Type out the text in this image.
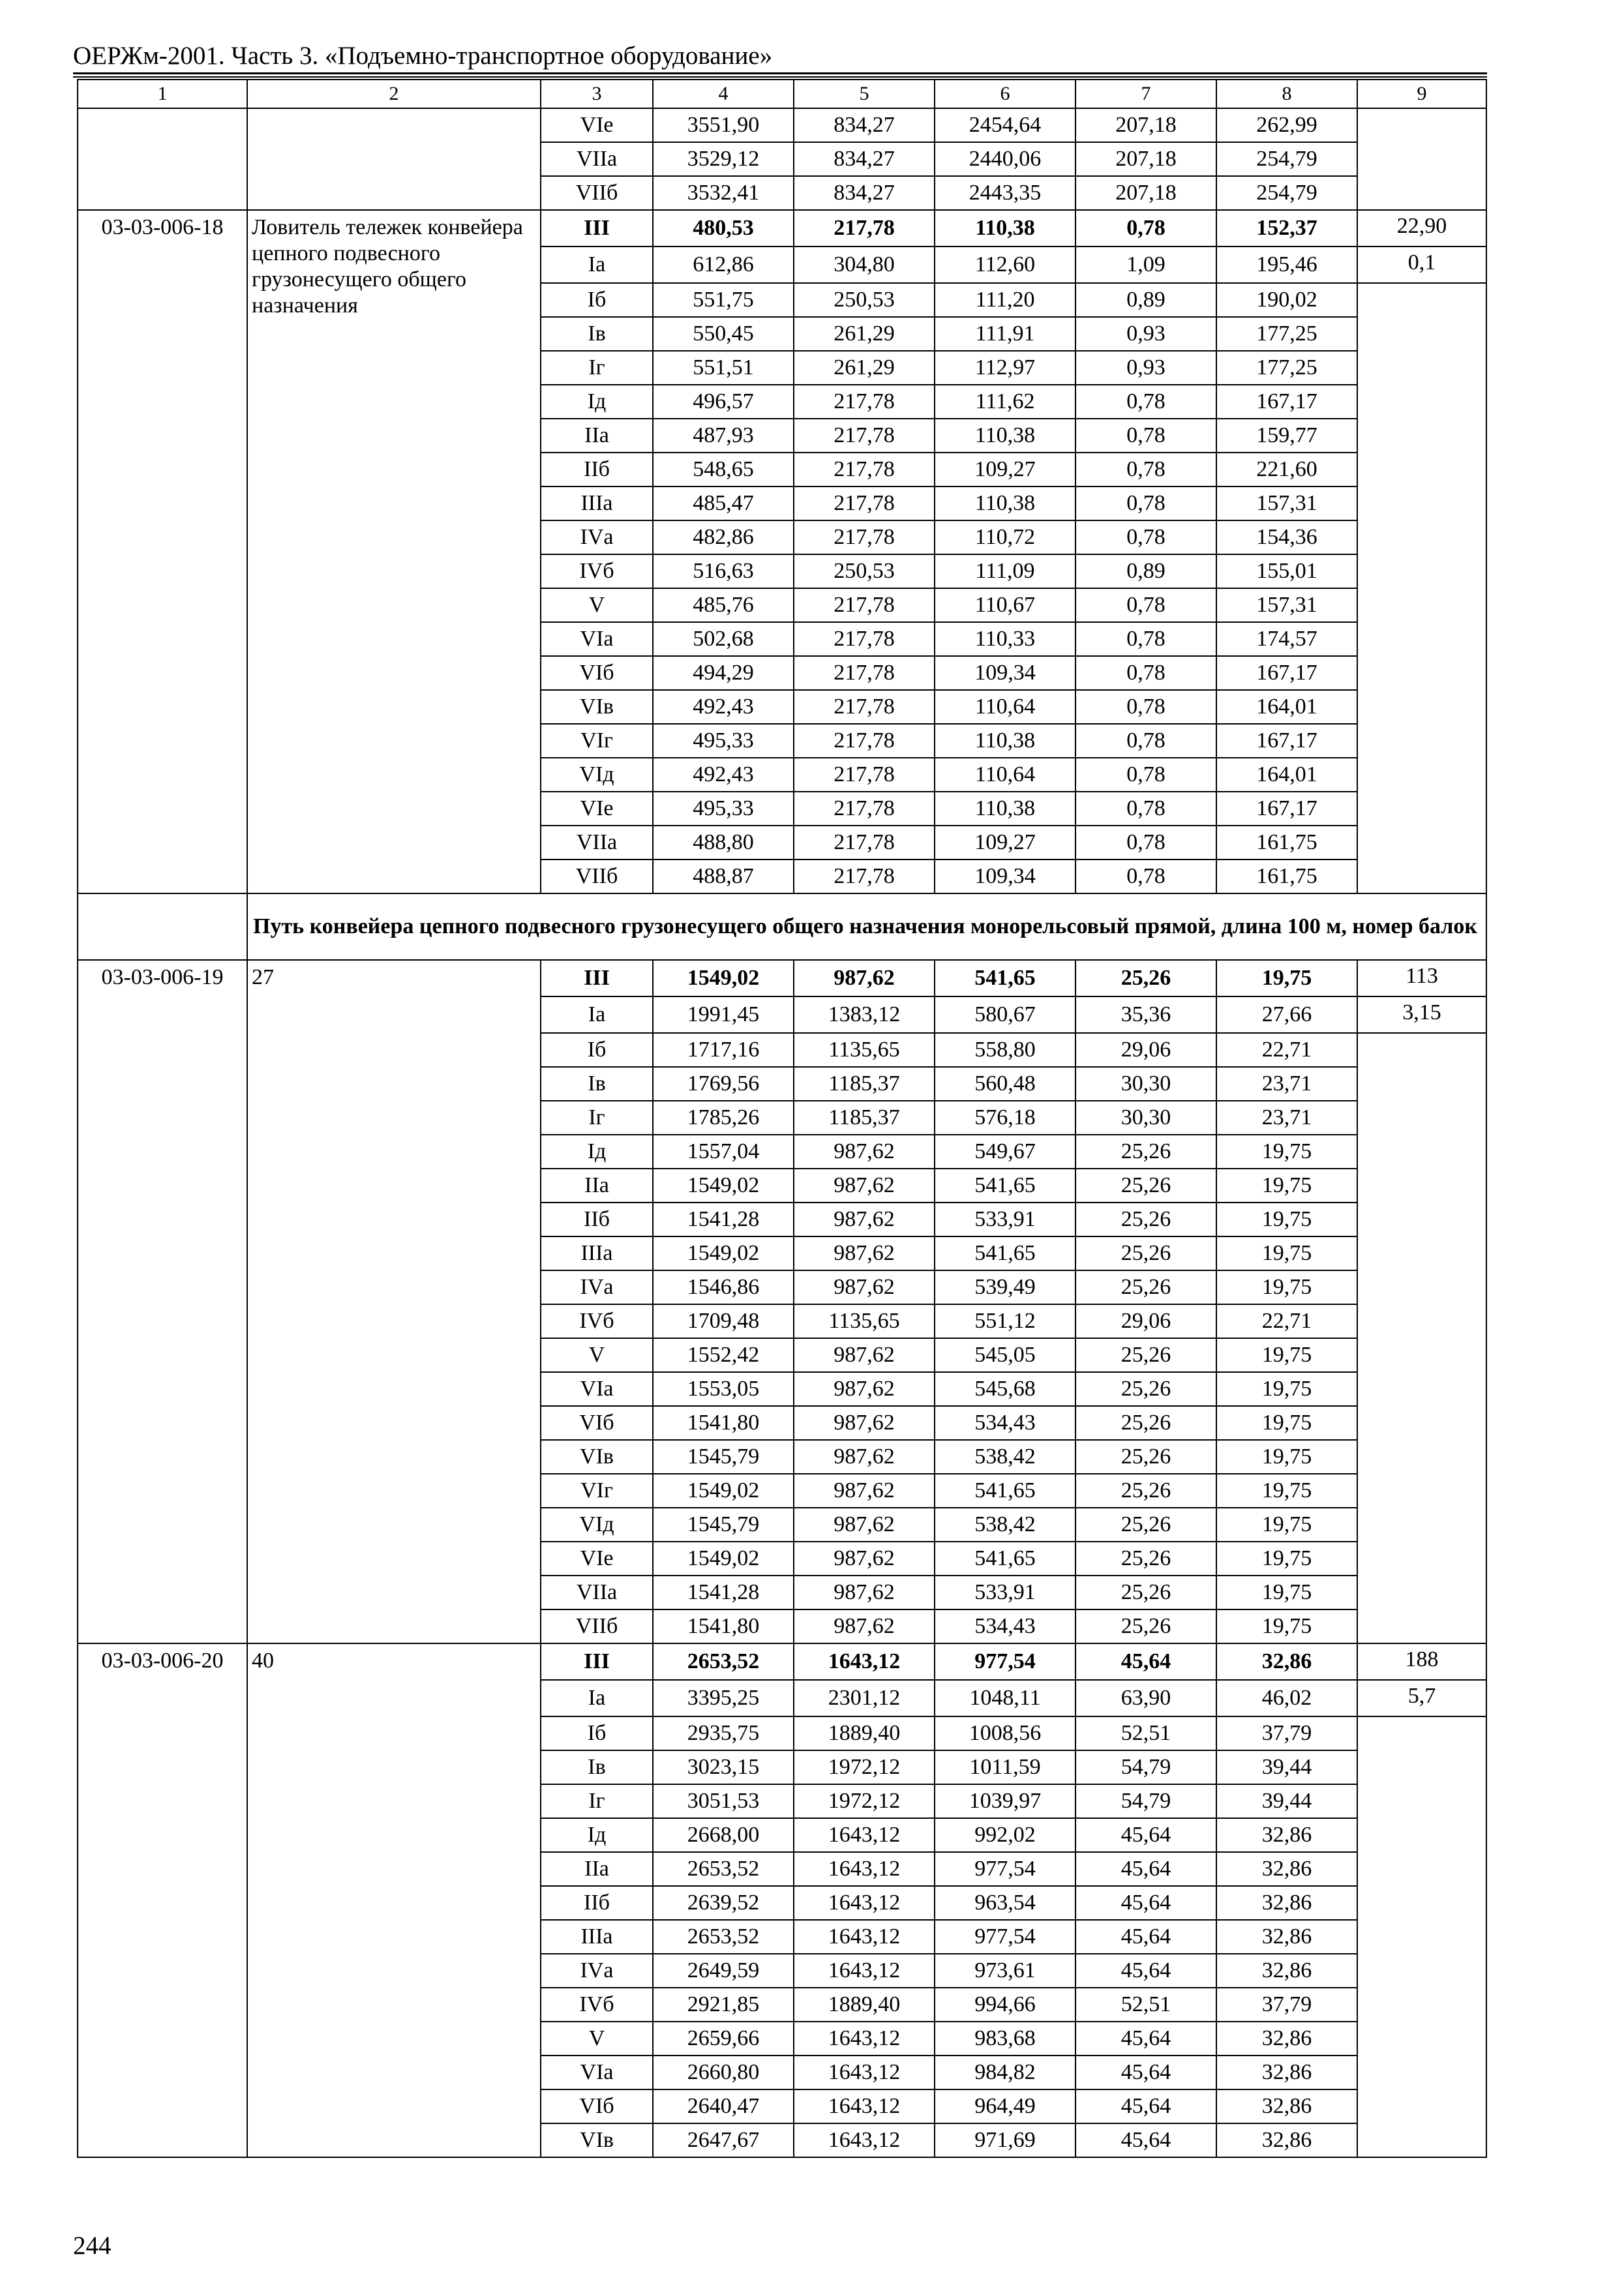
ОЕРЖм-2001. Часть 3. «Подъемно-транспортное оборудование»
1	2	3	4	5	6	7	8	9
		VIе	3551,90	834,27	2454,64	207,18	262,99	
		VIIа	3529,12	834,27	2440,06	207,18	254,79	
		VIIб	3532,41	834,27	2443,35	207,18	254,79	
03-03-006-18	Ловитель тележек конвейера цепного подвесного грузонесущего общего назначения	III	480,53	217,78	110,38	0,78	152,37	22,90
		Iа	612,86	304,80	112,60	1,09	195,46	0,1
		Iб	551,75	250,53	111,20	0,89	190,02	
		Iв	550,45	261,29	111,91	0,93	177,25	
		Iг	551,51	261,29	112,97	0,93	177,25	
		Iд	496,57	217,78	111,62	0,78	167,17	
		IIа	487,93	217,78	110,38	0,78	159,77	
		IIб	548,65	217,78	109,27	0,78	221,60	
		IIIа	485,47	217,78	110,38	0,78	157,31	
		IVа	482,86	217,78	110,72	0,78	154,36	
		IVб	516,63	250,53	111,09	0,89	155,01	
		V	485,76	217,78	110,67	0,78	157,31	
		VIа	502,68	217,78	110,33	0,78	174,57	
		VIб	494,29	217,78	109,34	0,78	167,17	
		VIв	492,43	217,78	110,64	0,78	164,01	
		VIг	495,33	217,78	110,38	0,78	167,17	
		VIд	492,43	217,78	110,64	0,78	164,01	
		VIе	495,33	217,78	110,38	0,78	167,17	
		VIIа	488,80	217,78	109,27	0,78	161,75	
		VIIб	488,87	217,78	109,34	0,78	161,75	
	Путь конвейера цепного подвесного грузонесущего общего назначения монорельсовый прямой, длина 100 м, номер балок							
03-03-006-19	27	III	1549,02	987,62	541,65	25,26	19,75	113
		Iа	1991,45	1383,12	580,67	35,36	27,66	3,15
		Iб	1717,16	1135,65	558,80	29,06	22,71	
		Iв	1769,56	1185,37	560,48	30,30	23,71	
		Iг	1785,26	1185,37	576,18	30,30	23,71	
		Iд	1557,04	987,62	549,67	25,26	19,75	
		IIа	1549,02	987,62	541,65	25,26	19,75	
		IIб	1541,28	987,62	533,91	25,26	19,75	
		IIIа	1549,02	987,62	541,65	25,26	19,75	
		IVа	1546,86	987,62	539,49	25,26	19,75	
		IVб	1709,48	1135,65	551,12	29,06	22,71	
		V	1552,42	987,62	545,05	25,26	19,75	
		VIа	1553,05	987,62	545,68	25,26	19,75	
		VIб	1541,80	987,62	534,43	25,26	19,75	
		VIв	1545,79	987,62	538,42	25,26	19,75	
		VIг	1549,02	987,62	541,65	25,26	19,75	
		VIд	1545,79	987,62	538,42	25,26	19,75	
		VIе	1549,02	987,62	541,65	25,26	19,75	
		VIIа	1541,28	987,62	533,91	25,26	19,75	
		VIIб	1541,80	987,62	534,43	25,26	19,75	
03-03-006-20	40	III	2653,52	1643,12	977,54	45,64	32,86	188
		Iа	3395,25	2301,12	1048,11	63,90	46,02	5,7
		Iб	2935,75	1889,40	1008,56	52,51	37,79	
		Iв	3023,15	1972,12	1011,59	54,79	39,44	
		Iг	3051,53	1972,12	1039,97	54,79	39,44	
		Iд	2668,00	1643,12	992,02	45,64	32,86	
		IIа	2653,52	1643,12	977,54	45,64	32,86	
		IIб	2639,52	1643,12	963,54	45,64	32,86	
		IIIа	2653,52	1643,12	977,54	45,64	32,86	
		IVа	2649,59	1643,12	973,61	45,64	32,86	
		IVб	2921,85	1889,40	994,66	52,51	37,79	
		V	2659,66	1643,12	983,68	45,64	32,86	
		VIа	2660,80	1643,12	984,82	45,64	32,86	
		VIб	2640,47	1643,12	964,49	45,64	32,86	
		VIв	2647,67	1643,12	971,69	45,64	32,86	
244
